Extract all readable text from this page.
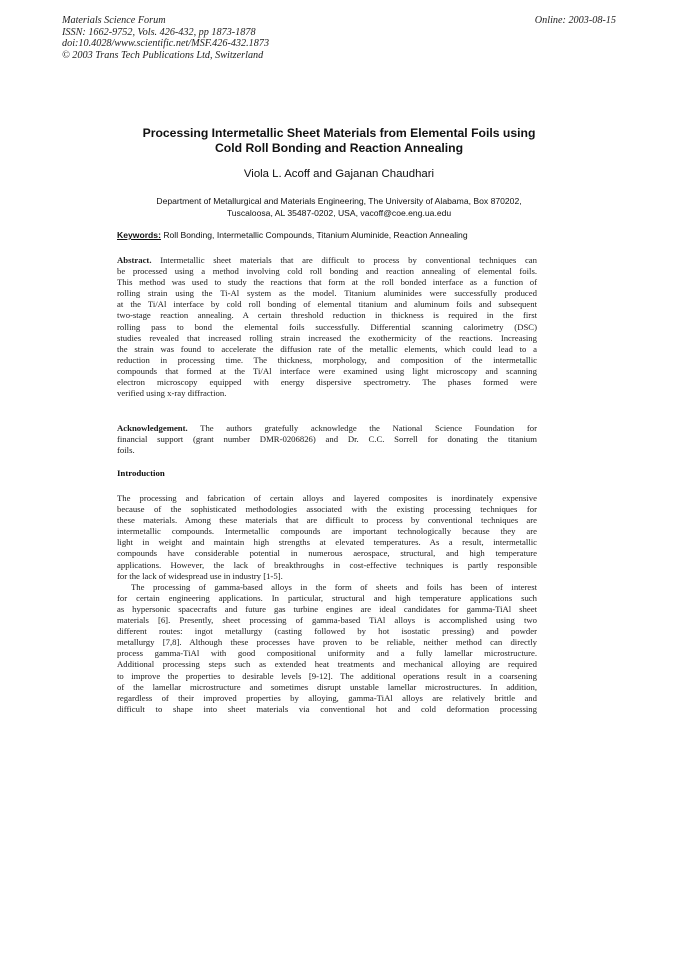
Materials Science Forum
ISSN: 1662-9752, Vols. 426-432, pp 1873-1878
doi:10.4028/www.scientific.net/MSF.426-432.1873
© 2003 Trans Tech Publications Ltd, Switzerland
Online: 2003-08-15
Processing Intermetallic Sheet Materials from Elemental Foils using
Cold Roll Bonding and Reaction Annealing
Viola L. Acoff and Gajanan Chaudhari
Department of Metallurgical and Materials Engineering, The University of Alabama, Box 870202,
Tuscaloosa, AL 35487-0202, USA, vacoff@coe.eng.ua.edu
Keywords: Roll Bonding, Intermetallic Compounds, Titanium Aluminide, Reaction Annealing
Abstract. Intermetallic sheet materials that are difficult to process by conventional techniques can
be processed using a method involving cold roll bonding and reaction annealing of elemental foils.
This method was used to study the reactions that form at the roll bonded interface as a function of
rolling strain using the Ti-Al system as the model. Titanium aluminides were successfully produced
at the Ti/Al interface by cold roll bonding of elemental titanium and aluminum foils and subsequent
two-stage reaction annealing. A certain threshold reduction in thickness is required in the first
rolling pass to bond the elemental foils successfully. Differential scanning calorimetry (DSC)
studies revealed that increased rolling strain increased the exothermicity of the reactions. Increasing
the strain was found to accelerate the diffusion rate of the metallic elements, which could lead to a
reduction in processing time. The thickness, morphology, and composition of the intermetallic
compounds that formed at the Ti/Al interface were examined using light microscopy and scanning
electron microscopy equipped with energy dispersive spectrometry. The phases formed were
verified using x-ray diffraction.
Acknowledgement. The authors gratefully acknowledge the National Science Foundation for
financial support (grant number DMR-0206826) and Dr. C.C. Sorrell for donating the titanium
foils.
Introduction
The processing and fabrication of certain alloys and layered composites is inordinately expensive
because of the sophisticated methodologies associated with the existing processing techniques for
these materials. Among these materials that are difficult to process by conventional techniques are
intermetallic compounds. Intermetallic compounds are important technologically because they are
light in weight and maintain high strengths at elevated temperatures. As a result, intermetallic
compounds have considerable potential in numerous aerospace, structural, and high temperature
applications. However, the lack of breakthroughs in cost-effective techniques is partly responsible
for the lack of widespread use in industry [1-5].
The processing of gamma-based alloys in the form of sheets and foils has been of interest
for certain engineering applications. In particular, structural and high temperature applications such
as hypersonic spacecrafts and future gas turbine engines are ideal candidates for gamma-TiAl sheet
materials [6]. Presently, sheet processing of gamma-based TiAl alloys is accomplished using two
different routes: ingot metallurgy (casting followed by hot isostatic pressing) and powder
metallurgy [7,8]. Although these processes have proven to be reliable, neither method can directly
process gamma-TiAl with good compositional uniformity and a fully lamellar microstructure.
Additional processing steps such as extended heat treatments and mechanical alloying are required
to improve the properties to desirable levels [9-12]. The additional operations result in a coarsening
of the lamellar microstructure and sometimes disrupt unstable lamellar microstructures. In addition,
regardless of their improved properties by alloying, gamma-TiAl alloys are relatively brittle and
difficult to shape into sheet materials via conventional hot and cold deformation processing
